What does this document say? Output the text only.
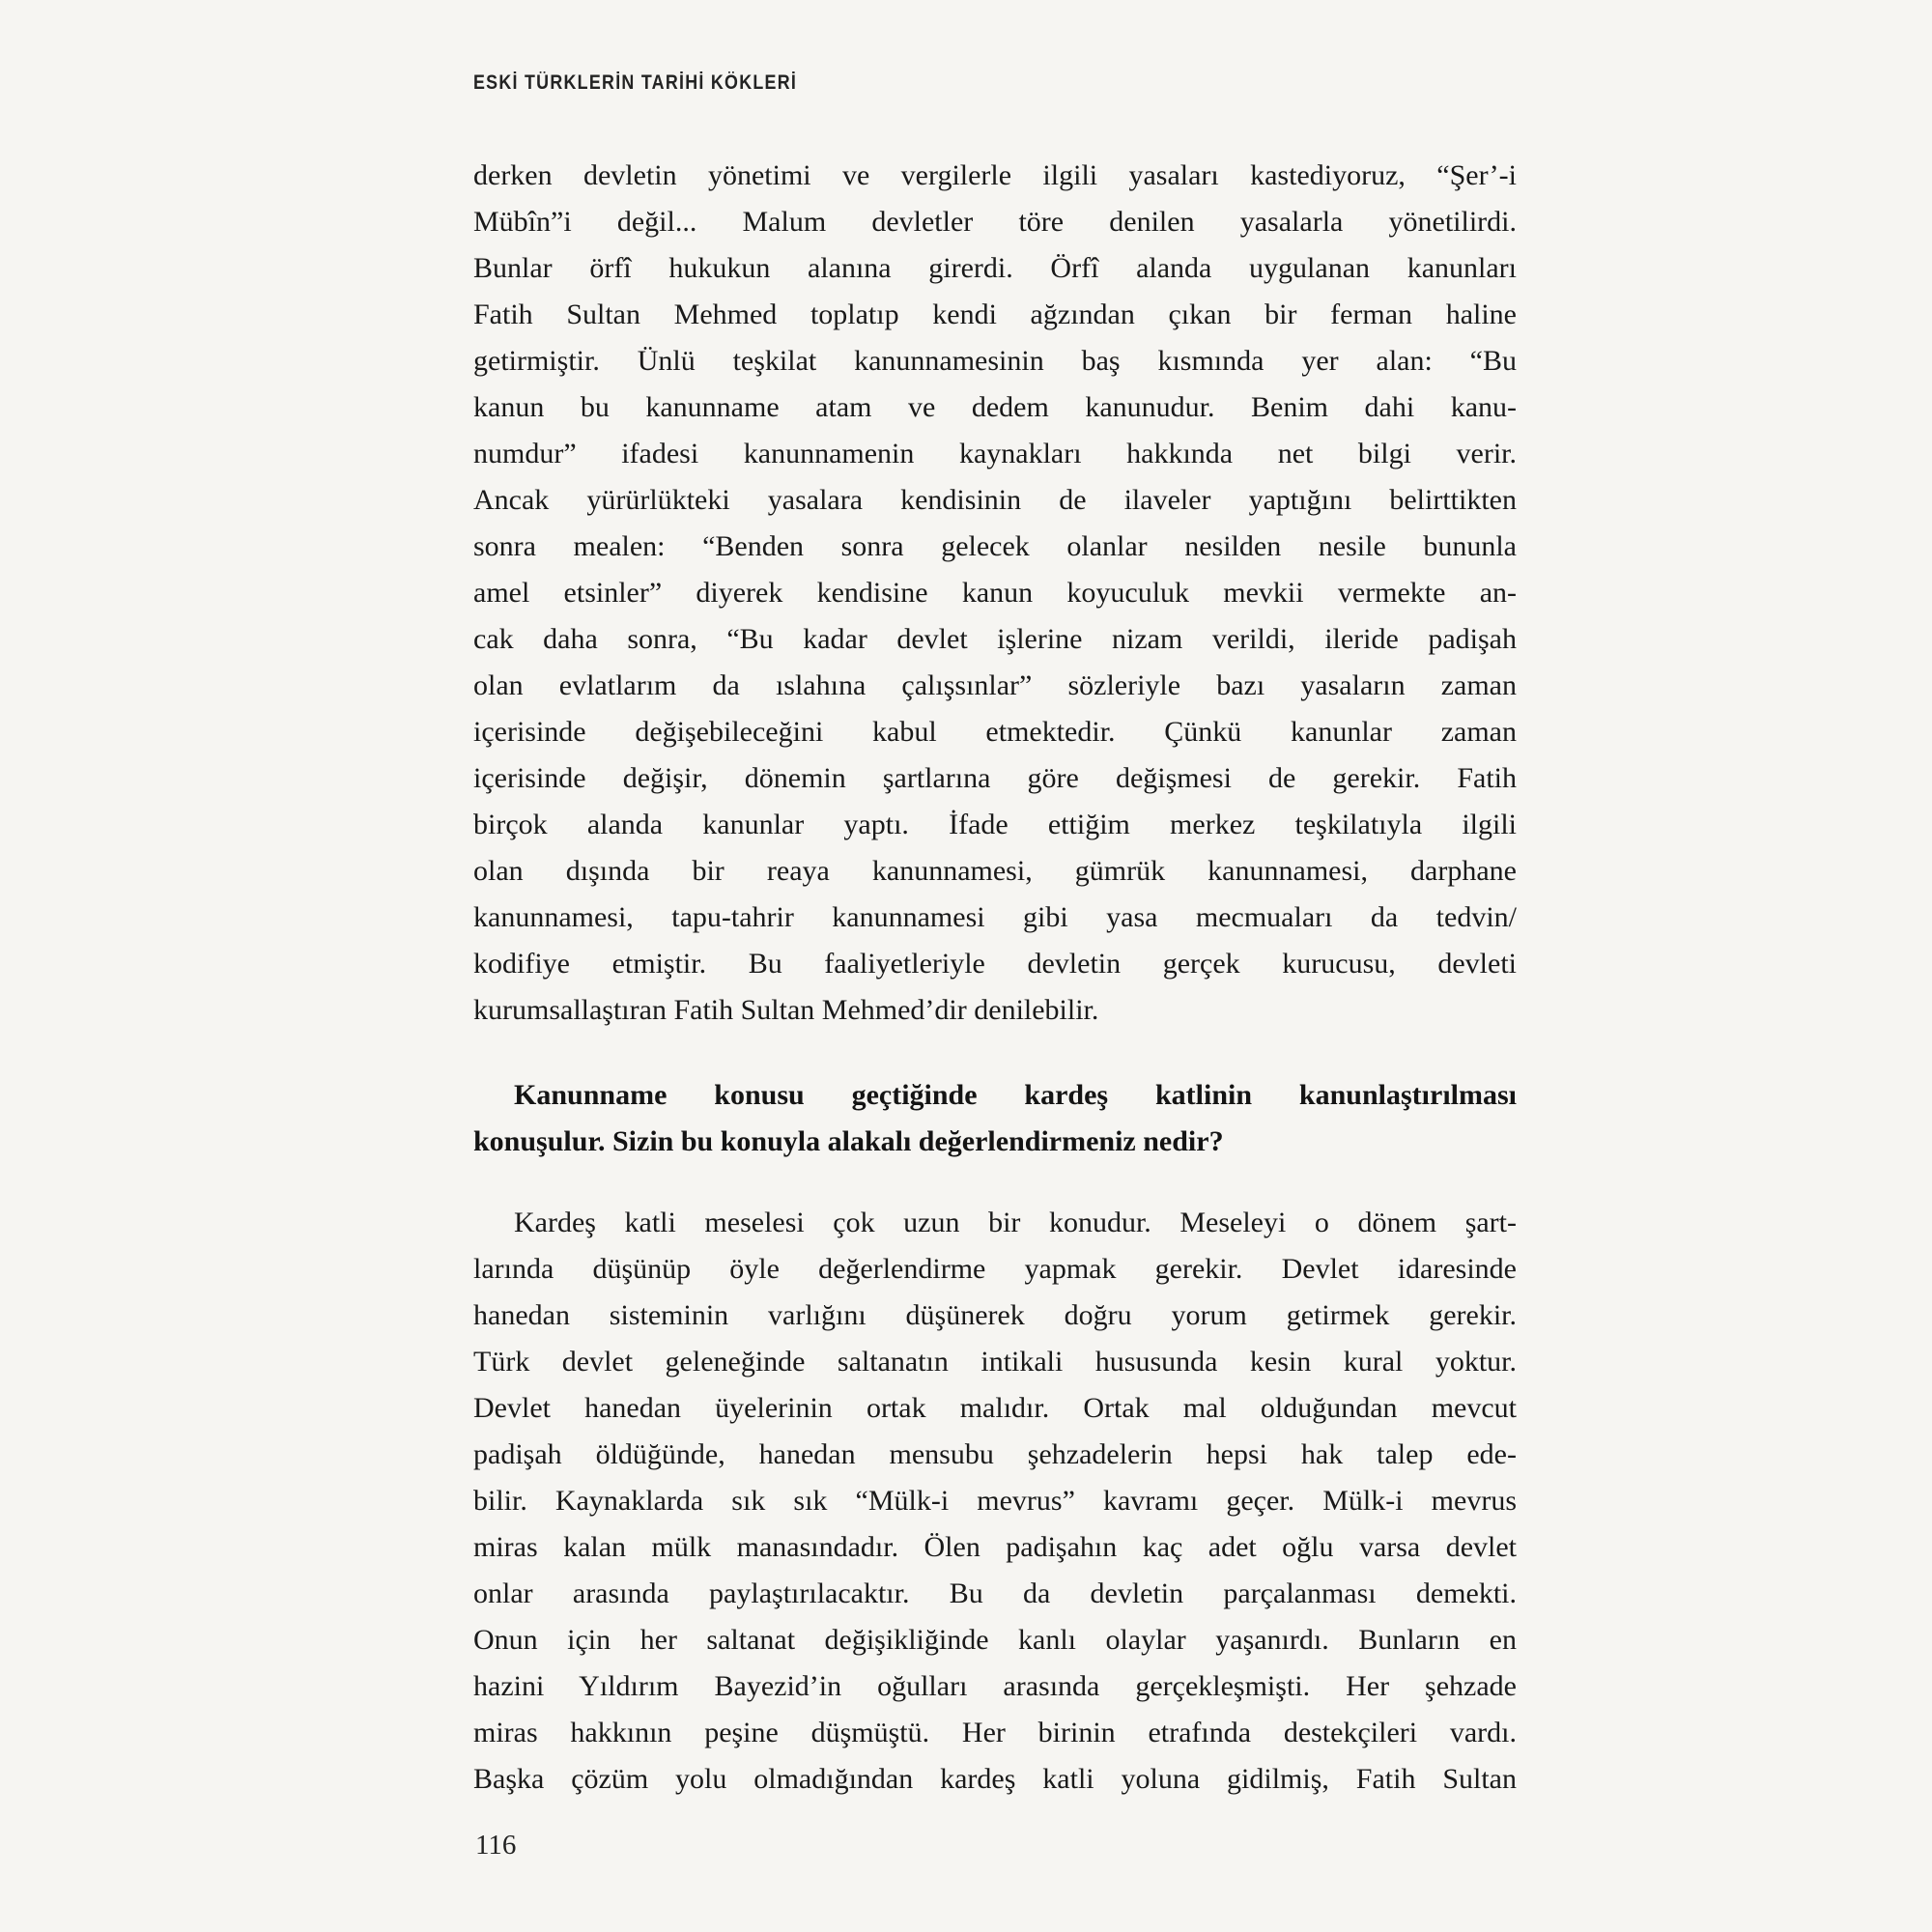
ESKİ TÜRKLERİN TARİHİ KÖKLERİ
derken devletin yönetimi ve vergilerle ilgili yasaları kastediyoruz, “Şer’-i
Mübîn”i değil... Malum devletler töre denilen yasalarla yönetilirdi.
Bunlar örfî hukukun alanına girerdi. Örfî alanda uygulanan kanunları
Fatih Sultan Mehmed toplatıp kendi ağzından çıkan bir ferman haline
getirmiştir. Ünlü teşkilat kanunnamesinin baş kısmında yer alan: “Bu
kanun bu kanunname atam ve dedem kanunudur. Benim dahi kanu-
numdur” ifadesi kanunnamenin kaynakları hakkında net bilgi verir.
Ancak yürürlükteki yasalara kendisinin de ilaveler yaptığını belirttikten
sonra mealen: “Benden sonra gelecek olanlar nesilden nesile bununla
amel etsinler” diyerek kendisine kanun koyuculuk mevkii vermekte an-
cak daha sonra, “Bu kadar devlet işlerine nizam verildi, ileride padişah
olan evlatlarım da ıslahına çalışsınlar” sözleriyle bazı yasaların zaman
içerisinde değişebileceğini kabul etmektedir. Çünkü kanunlar zaman
içerisinde değişir, dönemin şartlarına göre değişmesi de gerekir. Fatih
birçok alanda kanunlar yaptı. İfade ettiğim merkez teşkilatıyla ilgili
olan dışında bir reaya kanunnamesi, gümrük kanunnamesi, darphane
kanunnamesi, tapu-tahrir kanunnamesi gibi yasa mecmuaları da tedvin/
kodifiye etmiştir. Bu faaliyetleriyle devletin gerçek kurucusu, devleti
kurumsallaştıran Fatih Sultan Mehmed’dir denilebilir.
Kanunname konusu geçtiğinde kardeş katlinin kanunlaştırılması
konuşulur. Sizin bu konuyla alakalı değerlendirmeniz nedir?
Kardeş katli meselesi çok uzun bir konudur. Meseleyi o dönem şart-
larında düşünüp öyle değerlendirme yapmak gerekir. Devlet idaresinde
hanedan sisteminin varlığını düşünerek doğru yorum getirmek gerekir.
Türk devlet geleneğinde saltanatın intikali hususunda kesin kural yoktur.
Devlet hanedan üyelerinin ortak malıdır. Ortak mal olduğundan mevcut
padişah öldüğünde, hanedan mensubu şehzadelerin hepsi hak talep ede-
bilir. Kaynaklarda sık sık “Mülk-i mevrus” kavramı geçer. Mülk-i mevrus
miras kalan mülk manasındadır. Ölen padişahın kaç adet oğlu varsa devlet
onlar arasında paylaştırılacaktır. Bu da devletin parçalanması demekti.
Onun için her saltanat değişikliğinde kanlı olaylar yaşanırdı. Bunların en
hazini Yıldırım Bayezid’in oğulları arasında gerçekleşmişti. Her şehzade
miras hakkının peşine düşmüştü. Her birinin etrafında destekçileri vardı.
Başka çözüm yolu olmadığından kardeş katli yoluna gidilmiş, Fatih Sultan
116
